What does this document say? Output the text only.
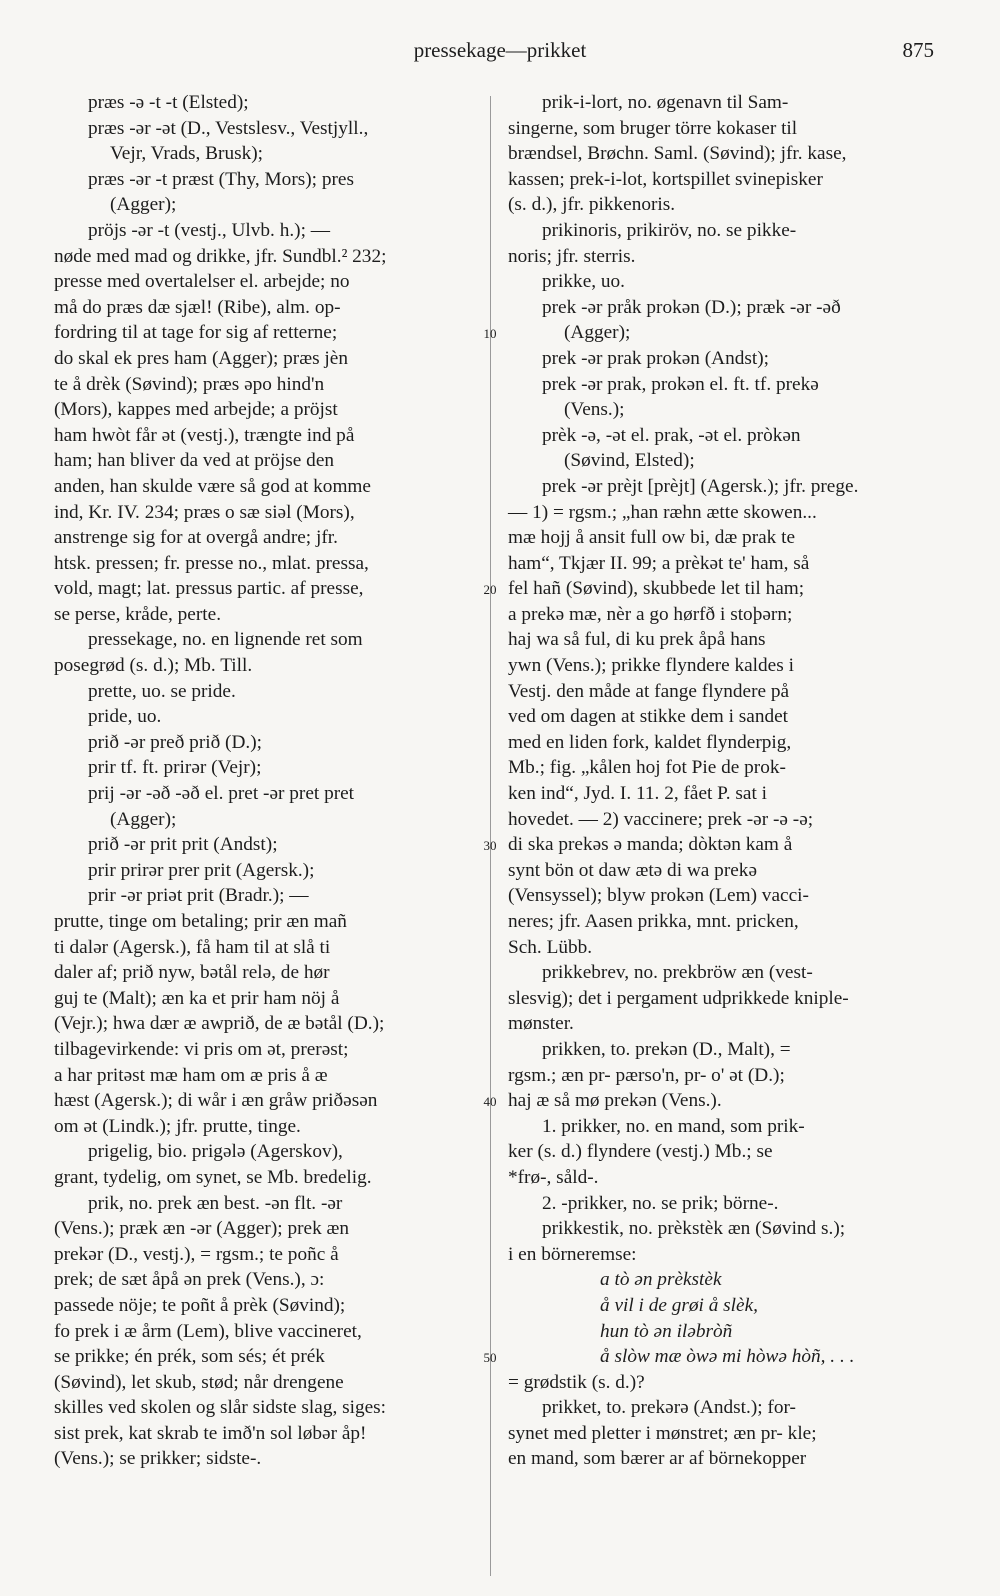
pressekage—prikket	875
præs -ə -t -t (Elsted);
præs -ər -ət (D., Vestslesv., Vestjyll.,
Vejr, Vrads, Brusk);
præs -ər -t præst (Thy, Mors); pres
(Agger);
pröjs -ər -t (vestj., Ulvb. h.); —
nøde med mad og drikke, jfr. Sundbl.² 232;
presse med overtalelser el. arbejde; no
må do præs dæ sjæl! (Ribe), alm. op-
fordring til at tage for sig af retterne;
do skal ek pres ham (Agger); præs jèn
te å drèk (Søvind); præs əpo hind'n
(Mors), kappes med arbejde; a pröjst
ham hwòt får ət (vestj.), trængte ind på
ham; han bliver da ved at pröjse den
anden, han skulde være så god at komme
ind, Kr. IV. 234; præs o sæ siəl (Mors),
anstrenge sig for at overgå andre; jfr.
htsk. pressen; fr. presse no., mlat. pressa,
vold, magt; lat. pressus partic. af presse,
se perse, kråde, perte.
pressekage, no. en lignende ret som
posegrød (s. d.); Mb. Till.
prette, uo. se pride.
pride, uo.
prið -ər preð prið (D.);
prir tf. ft. prirər (Vejr);
prij -ər -əð -əð el. pret -ər pret pret
(Agger);
prið -ər prit prit (Andst);
prir prirər prer prit (Agersk.);
prir -ər priət prit (Bradr.); —
prutte, tinge om betaling; prir æn mañ
ti dalər (Agersk.), få ham til at slå ti
daler af; prið nyw, bətål relə, de hør
guj te (Malt); æn ka et prir ham nöj å
(Vejr.); hwa dær æ awprið, de æ bətål (D.);
tilbagevirkende: vi pris om ət, prerəst;
a har pritəst mæ ham om æ pris å æ
hæst (Agersk.); di wår i æn gråw priðəsən
om ət (Lindk.); jfr. prutte, tinge.
prigelig, bio. prigələ (Agerskov),
grant, tydelig, om synet, se Mb. bredelig.
prik, no. prek æn best. -ən flt. -ər
(Vens.); præk æn -ər (Agger); prek æn
prekər (D., vestj.), = rgsm.; te poñc å
prek; de sæt åpå ən prek (Vens.), ɔ:
passede nöje; te poñt å prèk (Søvind);
fo prek i æ årm (Lem), blive vaccineret,
se prikke; én prék, som sés; ét prék
(Søvind), let skub, stød; når drengene
skilles ved skolen og slår sidste slag, siges:
sist prek, kat skrab te imð'n sol løbər åp!
(Vens.); se prikker; sidste-.
prik-i-lort, no. øgenavn til Sam-
singerne, som bruger törre kokaser til
brændsel, Brøchn. Saml. (Søvind); jfr. kase,
kassen; prek-i-lot, kortspillet svinepisker
(s. d.), jfr. pikkenoris.
prikinoris, prikiröv, no. se pikke-
noris; jfr. sterris.
prikke, uo.
prek -ər pråk prokən (D.); præk -ər -əð
(Agger);
prek -ər prak prokən (Andst);
prek -ər prak, prokən el. ft. tf. prekə
(Vens.);
prèk -ə, -ət el. prak, -ət el. pròkən
(Søvind, Elsted);
prek -ər prèjt [prèjt] (Agersk.); jfr. prege.
— 1) = rgsm.; „han ræhn ætte skowen...
mæ hojj å ansit full ow bi, dæ prak te
ham“, Tkjær II. 99; a prèkət te' ham, så
fel hañ (Søvind), skubbede let til ham;
a prekə mæ, nèr a go hørfð i stoþərn;
haj wa så ful, di ku prek åpå hans
ywn (Vens.); prikke flyndere kaldes i
Vestj. den måde at fange flyndere på
ved om dagen at stikke dem i sandet
med en liden fork, kaldet flynderpig,
Mb.; fig. „kålen hoj fot Pie de prok-
ken ind“, Jyd. I. 11. 2, fået P. sat i
hovedet. — 2) vaccinere; prek -ər -ə -ə;
di ska prekəs ə manda; dòktən kam å
synt bön ot daw ætə di wa prekə
(Vensyssel); blyw prokən (Lem) vacci-
neres; jfr. Aasen prikka, mnt. pricken,
Sch. Lübb.
prikkebrev, no. prekbröw æn (vest-
slesvig); det i pergament udprikkede kniple-
mønster.
prikken, to. prekən (D., Malt), =
rgsm.; æn pr- pærso'n, pr- o' ət (D.);
haj æ så mø prekən (Vens.).
1. prikker, no. en mand, som prik-
ker (s. d.) flyndere (vestj.) Mb.; se
*frø-, såld-.
2. -prikker, no. se prik; börne-.
prikkestik, no. prèkstèk æn (Søvind s.);
i en börneremse:
a tò ən prèkstèk
å vil i de grøi å slèk,
hun tò ən iləbròñ
å slòw mæ òwə mi hòwə hòñ, . . .
= grødstik (s. d.)?
prikket, to. prekərə (Andst.); for-
synet med pletter i mønstret; æn pr- kle;
en mand, som bærer ar af börnekopper
10
20
30
40
50
